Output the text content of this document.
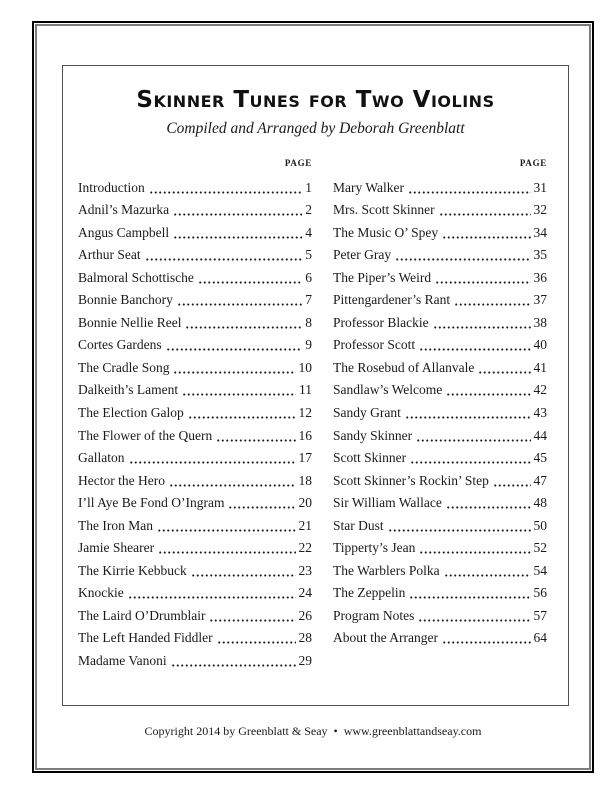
Skinner Tunes for Two Violins
Compiled and Arranged by Deborah Greenblatt
PAGE
Introduction	1
Adnil’s Mazurka	2
Angus Campbell	4
Arthur Seat	5
Balmoral Schottische	6
Bonnie Banchory	7
Bonnie Nellie Reel	8
Cortes Gardens	9
The Cradle Song	10
Dalkeith’s Lament	11
The Election Galop	12
The Flower of the Quern	16
Gallaton	17
Hector the Hero	18
I’ll Aye Be Fond O’Ingram	20
The Iron Man	21
Jamie Shearer	22
The Kirrie Kebbuck	23
Knockie	24
The Laird O’Drumblair	26
The Left Handed Fiddler	28
Madame Vanoni	29
PAGE
Mary Walker	31
Mrs. Scott Skinner	32
The Music O’ Spey	34
Peter Gray	35
The Piper’s Weird	36
Pittengardener’s Rant	37
Professor Blackie	38
Professor Scott	40
The Rosebud of Allanvale	41
Sandlaw’s Welcome	42
Sandy Grant	43
Sandy Skinner	44
Scott Skinner	45
Scott Skinner’s Rockin’ Step	47
Sir William Wallace	48
Star Dust	50
Tipperty’s Jean	52
The Warblers Polka	54
The Zeppelin	56
Program Notes	57
About the Arranger	64
Copyright 2014 by Greenblatt & Seay  •  www.greenblattandseay.com
